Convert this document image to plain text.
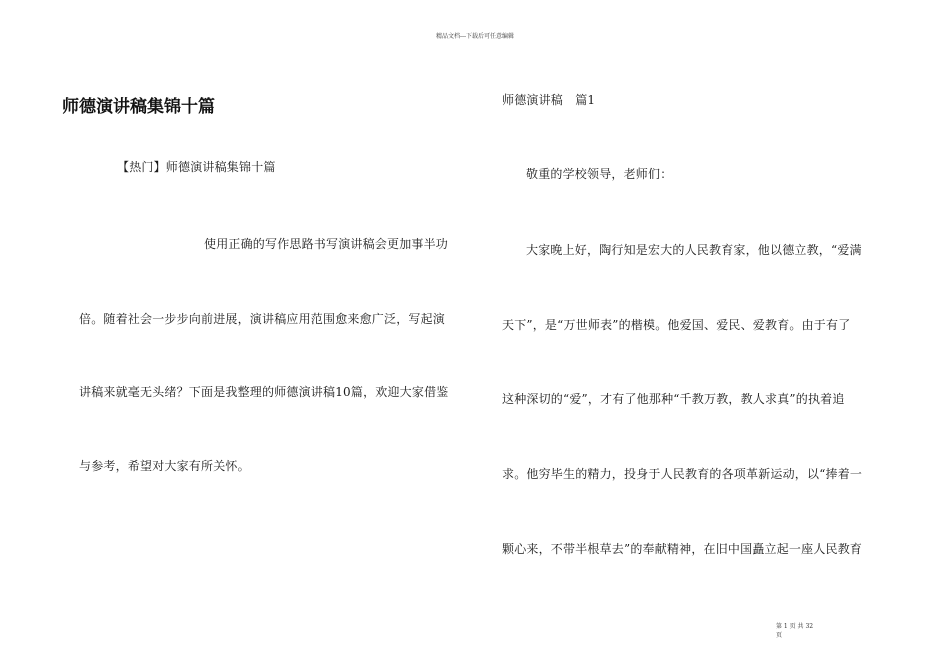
精品文档---下载后可任意编辑
师德演讲稿集锦十篇
【热门】师德演讲稿集锦十篇
使用正确的写作思路书写演讲稿会更加事半功
倍。随着社会一步步向前进展，演讲稿应用范围愈来愈广泛，写起演
讲稿来就毫无头绪？下面是我整理的师德演讲稿10篇，欢迎大家借鉴
与参考，希望对大家有所关怀。
师德演讲稿　篇1
敬重的学校领导，老师们：
大家晚上好，陶行知是宏大的人民教育家，他以德立教，“爱满
天下”，是“万世师表”的楷模。他爱国、爱民、爱教育。由于有了
这种深切的“爱”，才有了他那种“千教万教，教人求真”的执着追
求。他穷毕生的精力，投身于人民教育的各项革新运动，以“捧着一
颗心来，不带半根草去”的奉献精神，在旧中国矗立起一座人民教育
第 1 页 共 32
页
